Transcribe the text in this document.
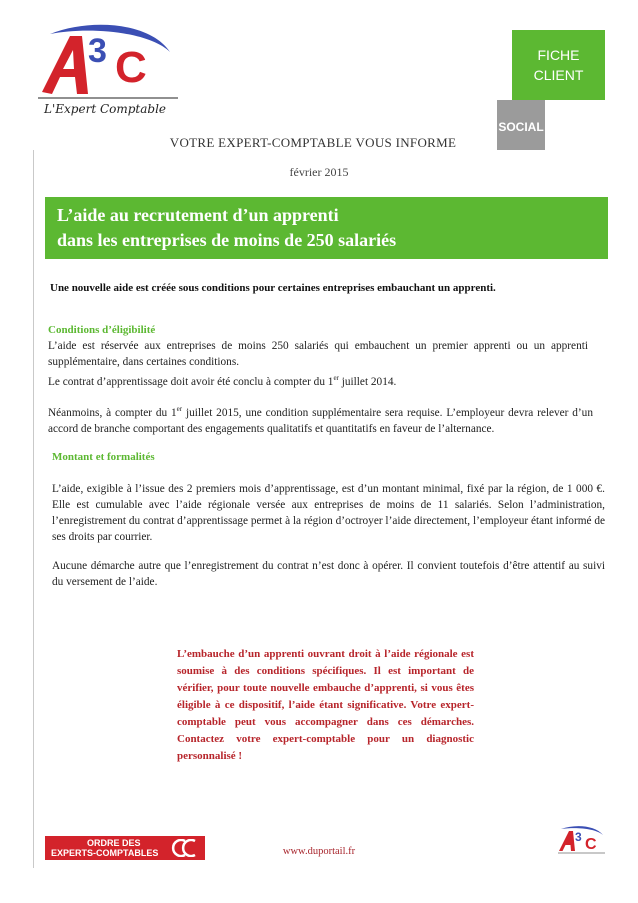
3 C
L'Expert Comptable
FICHE
CLIENT
SOCIAL
VOTRE EXPERT-COMPTABLE VOUS INFORME
février 2015
L’aide au recrutement d’un apprenti
dans les entreprises de moins de 250 salariés
Une nouvelle aide est créée sous conditions pour certaines entreprises embauchant un apprenti.
Conditions d’éligibilité
L’aide est réservée aux entreprises de moins 250 salariés qui embauchent un premier apprenti ou un apprenti supplémentaire, dans certaines conditions.
Le contrat d’apprentissage doit avoir été conclu à compter du 1er juillet 2014.
Néanmoins, à compter du 1er juillet 2015, une condition supplémentaire sera requise. L’employeur devra relever d’un accord de branche comportant des engagements qualitatifs et quantitatifs en faveur de l’alternance.
Montant et formalités
L’aide, exigible à l’issue des 2 premiers mois d’apprentissage, est d’un montant minimal, fixé par la région, de 1 000 €. Elle est cumulable avec l’aide régionale versée aux entreprises de moins de 11 salariés. Selon l’administration, l’enregistrement du contrat d’apprentissage permet à la région d’octroyer l’aide directement, l’employeur étant informé de ses droits par courrier.
Aucune démarche autre que l’enregistrement du contrat n’est donc à opérer. Il convient toutefois d’être attentif au suivi du versement de l’aide.
L’embauche d’un apprenti ouvrant droit à l’aide régionale est soumise à des conditions spécifiques. Il est important de vérifier, pour toute nouvelle embauche d’apprenti, si vous êtes éligible à ce dispositif, l’aide étant significative. Votre expert-comptable peut vous accompagner dans ces démarches. Contactez votre expert-comptable pour un diagnostic personnalisé !
ORDRE DES
EXPERTS-COMPTABLES	www.duportail.fr
3 C
